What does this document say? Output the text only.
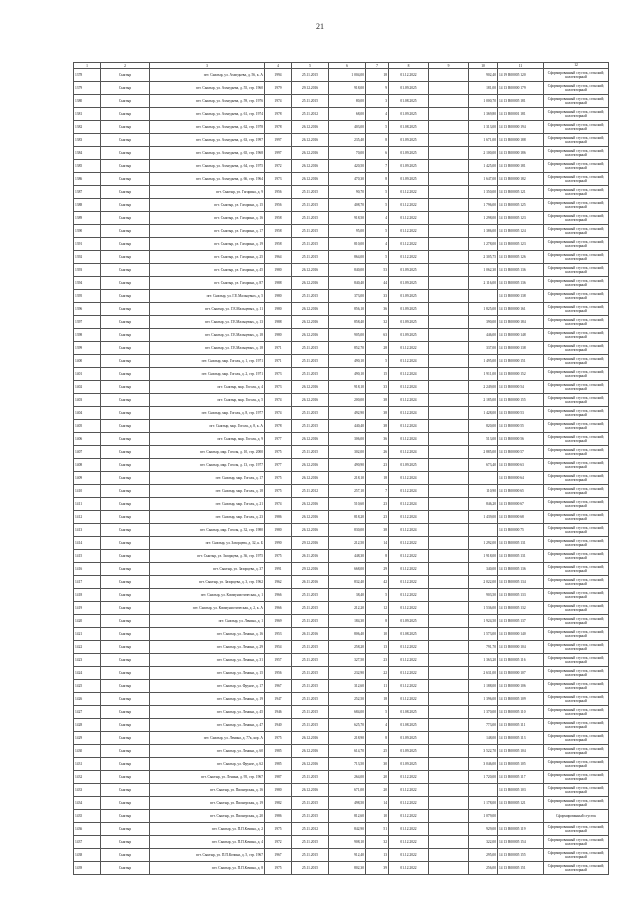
21
1	2	3	4	5	6	7	8	9	10	11	12
1378	Сыктыр	пгт. Сыктыр, ул. Ахмедьева, д. 56, к. А	1994	25.11.2015	1 004,00	18	01.12.2022		902,40	14 19 R00005 120	Сформированный сгусток, сельский; коллекторный
1379	Сыктыр	пгт. Сыктыр, ул. Ахмедьева, д. 55, стр. 1960	1979	29.12.2016	918,00	9	01.09.2025		181,00	14 13 R00000 179	Сформированный сгусток, сельский; коллекторный
1380	Сыктыр	пгт. Сыктыр, ул. Ахмедьева, д. 59, стр. 1976	1974	25.11.2015	80,00	3	01.08.2025		1 000,70	14 13 R00005 181	Сформированный сгусток, сельский; коллекторный
1381	Сыктыр	пгт. Сыктыр, ул. Ахмедьева, д. 61, стр. 1974	1978	25.11.2012	68,00	4	01.09.2025		1 369,80	14 13 R00001 181	Сформированный сгусток, сельский; коллекторный
1382	Сыктыр	пгт. Сыктыр, ул. Ахмедьева, д. 62, стр. 1978	1978	26.12.2016	403,00	5	01.08.2025		1 313,00	14 13 R00000 194	Сформированный сгусток, сельский; коллекторный
1383	Сыктыр	пгт. Сыктыр, ул. Ахмедьева, д. 63, стр. 1997	1997	26.12.2016	235,40	8	01.09.2025		1 671,00	14 13 R00000 188	Сформированный сгусток, сельский; коллекторный
1384	Сыктыр	пгт. Сыктыр, ул. Ахмедьева, д. 65, стр. 1968	1997	26.12.2016	70,00	6	01.09.2025		2 100,00	14 13 R00000 186	Сформированный сгусток, сельский; коллекторный
1385	Сыктыр	пгт. Сыктыр, ул. Ахмедьева, д. 64, стр. 1975	1972	26.12.2016	420,50	7	01.09.2025		1 425,00	14 13 R00000 181	Сформированный сгусток, сельский; коллекторный
1386	Сыктыр	пгт. Сыктыр, ул. Ахмедьева, д. 66, стр. 1964	1973	26.12.2016	470,30	8	01.09.2025		1 647,00	14 13 R00000 182	Сформированный сгусток, сельский; коллекторный
1387	Сыктыр	пгт. Сыктыр, ул. Гагарина, д. 9	1956	25.11.2015	90,70	5	01.12.2022		1 350,00	14 13 R00005 121	Сформированный сгусток, сельский; коллекторный
1388	Сыктыр	пгт. Сыктыр, ул. Гагарина, д. 15	1956	25.11.2015	408,70	5	01.12.2022		1 796,00	14 13 R00005 125	Сформированный сгусток, сельский; коллекторный
1389	Сыктыр	пгт. Сыктыр, ул. Гагарина, д. 16	1958	25.11.2015	918,50	4	01.12.2022		1 298,00	14 13 R00005 123	Сформированный сгусток, сельский; коллекторный
1390	Сыктыр	пгт. Сыктыр, ул. Гагарина, д. 17	1958	25.11.2015	95,00	5	01.12.2022		1 386,00	14 13 R00005 124	Сформированный сгусток, сельский; коллекторный
1391	Сыктыр	пгт. Сыктыр, ул. Гагарина, д. 19	1958	25.11.2015	810,00	4	01.12.2022		1 278,00	14 13 R00005 123	Сформированный сгусток, сельский; коллекторный
1392	Сыктыр	пгт. Сыктыр, ул. Гагарина, д. 25	1964	25.11.2015	864,00	5	01.12.2022		2 305,75	14 13 R00005 126	Сформированный сгусток, сельский; коллекторный
1393	Сыктыр	пгт. Сыктыр, ул. Гагарина, д. 45	1980	26.12.2016	840,00	53	01.09.2025		1 062,30	14 13 R00005 136	Сформированный сгусток, сельский; коллекторный
1394	Сыктыр	пгт. Сыктыр, ул. Гагарина, д. 87	1988	26.12.2016	840,40	44	01.09.2025		2 116,00	14 13 R00005 136	Сформированный сгусток, сельский; коллекторный
1395	Сыктыр	пгт. Сыктыр, ул. Г.Е.Мальцевых, д. 5	1980	25.11.2015	373,00	33	01.09.2025			14 13 R00000 138	Сформированный сгусток, сельский; коллекторный
1396	Сыктыр	пгт. Сыктыр, ул. Г.Е.Мальцевых, д. 11	1980	26.12.2016	856,10	36	01.09.2025		1 825,00	14 13 R00000 161	Сформированный сгусток, сельский; коллекторный
1397	Сыктыр	пгт. Сыктыр, ул. Г.Е.Мальцевых, д. 13	1988	26.12.2016	858,40	32	01.09.2025		390,00	14 13 R00000 184	Сформированный сгусток, сельский; коллекторный
1398	Сыктыр	пгт. Сыктыр, ул. Г.Е.Мальцевых, д. 18	1980	26.12.2016	905,00	63	01.09.2025		446,00	14 13 R00000 148	Сформированный сгусток, сельский; коллекторный
1399	Сыктыр	пгт. Сыктыр, ул. Г.Е.Мальцевых, д. 18	1971	25.11.2015	852,70	28	01.12.2022		337,00	14 13 R00000 138	Сформированный сгусток, сельский; коллекторный
1400	Сыктыр	пгт. Сыктыр, мкр. Гоголя, д. 1, стр. 1971	1971	25.11.2015	490,10	5	01.12.2024		1 495,00	14 13 R00000 151	Сформированный сгусток, сельский; коллекторный
1401	Сыктыр	пгт. Сыктыр, мкр. Гоголя, д. 2, стр. 1971	1973	25.11.2015	490,10	15	01.12.2024		1 911,00	14 13 R00000 152	Сформированный сгусток, сельский; коллекторный
1402	Сыктыр	пгт. Сыктыр, мкр. Гоголя, д. 4	1973	26.12.2016	918,10	33	01.12.2024		2 249,00	14 13 R00000 54	Сформированный сгусток, сельский; коллекторный
1403	Сыктыр	пгт. Сыктыр, мкр. Гоголя, д. 5	1974	26.12.2016	200,00	38	01.12.2024		2 185,00	14 13 R00000 155	Сформированный сгусток, сельский; коллекторный
1404	Сыктыр	пгт. Сыктыр, мкр. Гоголя, д. 8, стр. 1977	1974	25.11.2015	492,90	38	01.12.2024		1 428,00	14 13 R00000 53	Сформированный сгусток, сельский; коллекторный
1405	Сыктыр	пгт. Сыктыр, мкр. Гоголя, д. 8, к. А	1978	25.11.2015	440,40	38	01.12.2024		820,00	14 13 R00000 55	Сформированный сгусток, сельский; коллекторный
1406	Сыктыр	пгт. Сыктыр, мкр. Гоголя, д. 9	1977	26.12.2016	306,00	36	01.12.2024		513,00	14 13 R00000 56	Сформированный сгусток, сельский; коллекторный
1407	Сыктыр	пгт. Сыктыр, мкр. Гоголя, д. 10, стр. 2000	1975	25.11.2015	302,00	26	01.12.2024		2 885,00	14 13 R00000 57	Сформированный сгусток, сельский; коллекторный
1408	Сыктыр	пгт. Сыктыр, мкр. Гоголя, д. 13, стр. 1977	1977	26.12.2016	490,90	23	01.09.2025		673,40	14 13 R00000 63	Сформированный сгусток, сельский; коллекторный
1409	Сыктыр	пгт. Сыктыр, мкр. Гоголя, д. 17	1975	26.12.2016	218,10	18	01.12.2024			14 13 R00000 64	Сформированный сгусток, сельский; коллекторный
1410	Сыктыр	пгт. Сыктыр, мкр. Гоголя, д. 18	1975	25.11.2012	257,10	7	01.12.2024		110,90	14 13 R00000 65	Сформированный сгусток, сельский; коллекторный
1411	Сыктыр	пгт. Сыктыр, мкр. Гоголя, д. 21	1974	26.12.2016	510,60	23	01.12.2024		846,20	14 13 R00000 67	Сформированный сгусток, сельский; коллекторный
1412	Сыктыр	пгт. Сыктыр, мкр. Гоголя, д. 23	1986	26.12.2016	818,20	23	01.12.2024		1 439,00	14 13 R00000 68	Сформированный сгусток, сельский; коллекторный
1413	Сыктыр	пгт. Сыктыр, мкр. Гоголя, д. 32, стр. 1980	1980	26.12.2016	830,00	38	01.12.2024			14 13 R00000 75	Сформированный сгусток, сельский; коллекторный
1414	Сыктыр	пгт. Сыктыр, ул. Зазорцева, д. 32, к. Б	1990	29.12.2016	212,50	14	01.12.2022		1 292,00	14 13 R00005 131	Сформированный сгусток, сельский; коллекторный
1415	Сыктыр	пгт. Сыктыр, ул. Зазорцева, д. 36, стр. 1975	1975	26.11.2016	448,30	8	01.12.2022		1 918,00	14 13 R00005 131	Сформированный сгусток, сельский; коллекторный
1416	Сыктыр	пгт. Сыктыр, ул. Зазорцева, д. 37	1991	29.12.2016	668,00	29	01.12.2022		340,00	14 13 R00005 136	Сформированный сгусток, сельский; коллекторный
1417	Сыктыр	пгт. Сыктыр, ул. Зазорцева, д. 3, стр. 1962	1962	26.11.2016	832,40	42	01.12.2022		2 022,00	14 13 R00005 134	Сформированный сгусток, сельский; коллекторный
1418	Сыктыр	пгт. Сыктыр, ул. Коммунистическая, д. 1	1966	25.11.2015	38,40	5	01.12.2022		903,50	14 13 R00005 133	Сформированный сгусток, сельский; коллекторный
1419	Сыктыр	пгт. Сыктыр, ул. Коммунистическая, д. 2, к. А	1966	25.11.2015	212,20	12	01.12.2022		1 536,00	14 13 R00005 132	Сформированный сгусток, сельский; коллекторный
1420	Сыктыр	пгт. Сыктыр, ул. Ленина, д. 1	1969	25.11.2015	184,30	8	01.09.2025		1 924,50	14 13 R00005 137	Сформированный сгусток, сельский; коллекторный
1421	Сыктыр	пгт. Сыктыр, ул. Ленина, д. 16	1953	26.11.2016	806,40	10	01.08.2025		1 573,00	14 13 R00000 140	Сформированный сгусток, сельский; коллекторный
1422	Сыктыр	пгт. Сыктыр, ул. Ленина, д. 29	1954	25.11.2015	258,20	13	01.12.2022		791,70	14 13 R00000 104	Сформированный сгусток, сельский; коллекторный
1423	Сыктыр	пгт. Сыктыр, ул. Ленина, д. 31	1957	25.11.2015	327,50	23	01.12.2022		1 363,20	14 13 R00005 116	Сформированный сгусток, сельский; коллекторный
1424	Сыктыр	пгт. Сыктыр, ул. Ленина, д. 15	1956	25.11.2015	232,90	22	01.12.2022		2 631,00	14 13 R00000 107	Сформированный сгусток, сельский; коллекторный
1425	Сыктыр	пгт. Сыктыр, ул. Фрунзе, д. 17	1967	25.11.2015	312,60	11	01.12.2022		1 188,00	14 13 R00000 106	Сформированный сгусток, сельский; коллекторный
1426	Сыктыр	пгт. Сыктыр, ул. Ленина, д. 19	1947	25.11.2015	252,50	18	01.12.2022		1 396,00	14 13 R00005 109	Сформированный сгусток, сельский; коллекторный
1427	Сыктыр	пгт. Сыктыр, ул. Ленина, д. 45	1946	25.11.2015	684,00	5	01.08.2025		1 370,00	14 13 R00005 110	Сформированный сгусток, сельский; коллекторный
1428	Сыктыр	пгт. Сыктыр, ул. Ленина, д. 47	1940	25.11.2015	625,70	4	01.08.2025		773,00	14 13 R00005 111	Сформированный сгусток, сельский; коллекторный
1429	Сыктыр	пгт. Сыктыр, ул. Ленина, д. 77к, кор. А	1975	26.12.2016	218,90	8	01.09.2025		148,00	14 13 R00005 113	Сформированный сгусток, сельский; коллекторный
1430	Сыктыр	пгт. Сыктыр, ул. Ленина, д. 60	1985	26.12.2016	614,70	25	01.09.2025		3 522,70	14 13 R00005 104	Сформированный сгусток, сельский; коллекторный
1431	Сыктыр	пгт. Сыктыр, ул. Фрунзе, д. 62	1985	26.12.2016	713,50	30	01.09.2025		3 046,00	14 13 R00005 105	Сформированный сгусток, сельский; коллекторный
1432	Сыктыр	пгт. Сыктыр, ул. Ленина, д. 95, стр. 1967	1987	25.11.2015	264,00	20	01.12.2022		1 720,00	14 13 R00005 117	Сформированный сгусток, сельский; коллекторный
1433	Сыктыр	пгт. Сыктыр, ул. Пионерская, д. 16	1980	26.12.2016	671,00	20	01.12.2022			14 13 R00005 103	Сформированный сгусток, сельский; коллекторный
1434	Сыктыр	пгт. Сыктыр, ул. Пионерская, д. 19	1982	25.11.2015	498,50	14	01.12.2022		1 178,00	14 13 R00005 121	Сформированный сгусток, сельский; коллекторный
1435	Сыктыр	пгт. Сыктыр, ул. Пионерская, д. 20	1986	25.11.2015	812,60	10	01.12.2022		1 079,00		Сформированный сгусток
1436	Сыктыр	пгт. Сыктыр, ул. П.П.Кочина, д. 2	1975	25.11.2012	842,90	51	01.12.2022		929,00	14 13 R00005 119	Сформированный сгусток, сельский; коллекторный
1437	Сыктыр	пгт. Сыктыр, ул. П.П.Кочина, д. 4	1972	25.11.2015	908,10	32	01.12.2022		322,00	14 13 R00005 154	Сформированный сгусток, сельский; коллекторный
1438	Сыктыр	пгт. Сыктыр, ул. П.П.Кочина, д. 5, стр. 1967	1967	25.11.2015	912,40	13	01.12.2022		295,00	14 13 R00005 155	Сформированный сгусток, сельский; коллекторный
1439	Сыктыр	пгт. Сыктыр, ул. П.П.Кочина, д. 8	1975	25.11.2015	802,30	39	01.12.2022		256,00	14 13 R00005 151	Сформированный сгусток, сельский; коллекторный
